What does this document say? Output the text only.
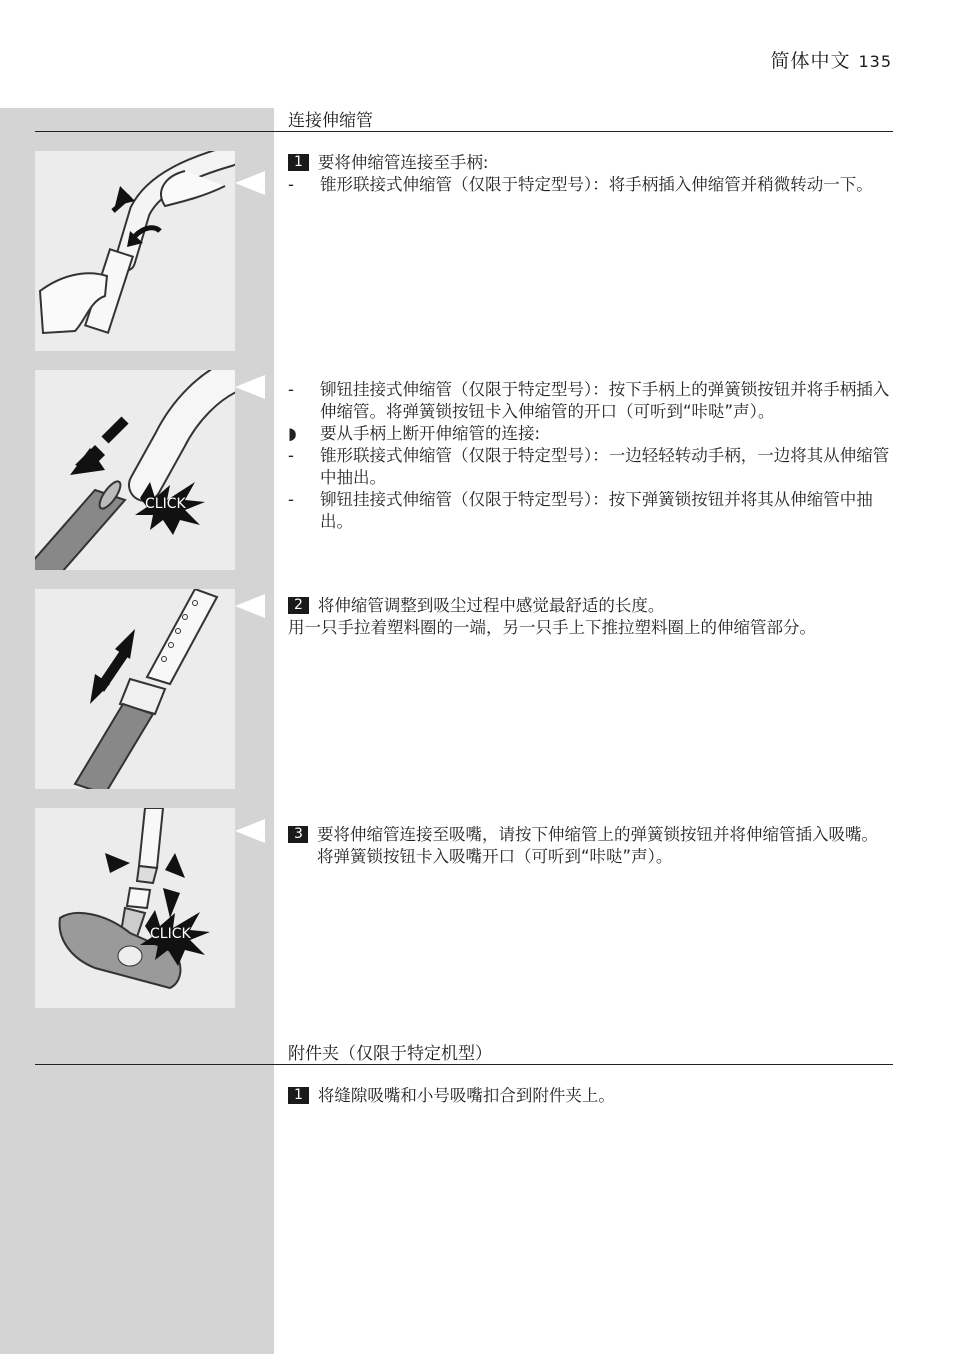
简体中文 135
连接伸缩管
1 要将伸缩管连接至手柄:
-	锥形联接式伸缩管（仅限于特定型号）：将手柄插入伸缩管并稍微转动一下。
CLICK
-	铆钮挂接式伸缩管（仅限于特定型号）：按下手柄上的弹簧锁按钮并将手柄插入伸缩管。将弹簧锁按钮卡入伸缩管的开口（可听到“咔哒”声）。
◗	要从手柄上断开伸缩管的连接:
-	锥形联接式伸缩管（仅限于特定型号）：一边轻轻转动手柄，一边将其从伸缩管中抽出。
-	铆钮挂接式伸缩管（仅限于特定型号）：按下弹簧锁按钮并将其从伸缩管中抽出。
2 将伸缩管调整到吸尘过程中感觉最舒适的长度。
用一只手拉着塑料圈的一端，另一只手上下推拉塑料圈上的伸缩管部分。
CLICK
3 要将伸缩管连接至吸嘴，请按下伸缩管上的弹簧锁按钮并将伸缩管插入吸嘴。将弹簧锁按钮卡入吸嘴开口（可听到“咔哒”声）。
附件夹（仅限于特定机型）
1 将缝隙吸嘴和小号吸嘴扣合到附件夹上。
